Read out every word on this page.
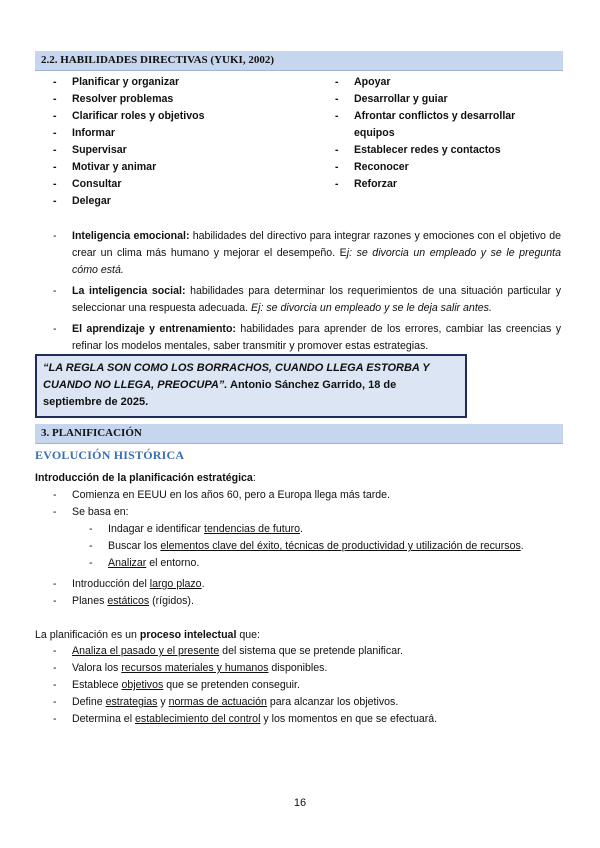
2.2. HABILIDADES DIRECTIVAS (YUKI, 2002)
- Planificar y organizar
- Resolver problemas
- Clarificar roles y objetivos
- Informar
- Supervisar
- Motivar y animar
- Consultar
- Delegar
- Apoyar
- Desarrollar y guiar
- Afrontar conflictos y desarrollar
equipos
- Establecer redes y contactos
- Reconocer
- Reforzar
- Inteligencia emocional: habilidades del directivo para integrar razones y emociones con el objetivo de crear un clima más humano y mejorar el desempeño. Ej: se divorcia un empleado y se le pregunta cómo está.
- La inteligencia social: habilidades para determinar los requerimientos de una situación particular y seleccionar una respuesta adecuada. Ej: se divorcia un empleado y se le deja salir antes.
- El aprendizaje y entrenamiento: habilidades para aprender de los errores, cambiar las creencias y refinar los modelos mentales, saber transmitir y promover estas estrategias.
“LA REGLA SON COMO LOS BORRACHOS, CUANDO LLEGA ESTORBA Y CUANDO NO LLEGA, PREOCUPA”. Antonio Sánchez Garrido, 18 de septiembre de 2025.
3. PLANIFICACIÓN
EVOLUCIÓN HISTÓRICA
Introducción de la planificación estratégica:
- Comienza en EEUU en los años 60, pero a Europa llega más tarde.
- Se basa en:
- Indagar e identificar tendencias de futuro.
- Buscar los elementos clave del éxito, técnicas de productividad y utilización de recursos.
- Analizar el entorno.
- Introducción del largo plazo.
- Planes estáticos (rígidos).
La planificación es un proceso intelectual que:
- Analiza el pasado y el presente del sistema que se pretende planificar.
- Valora los recursos materiales y humanos disponibles.
- Establece objetivos que se pretenden conseguir.
- Define estrategias y normas de actuación para alcanzar los objetivos.
- Determina el establecimiento del control y los momentos en que se efectuará.
16
